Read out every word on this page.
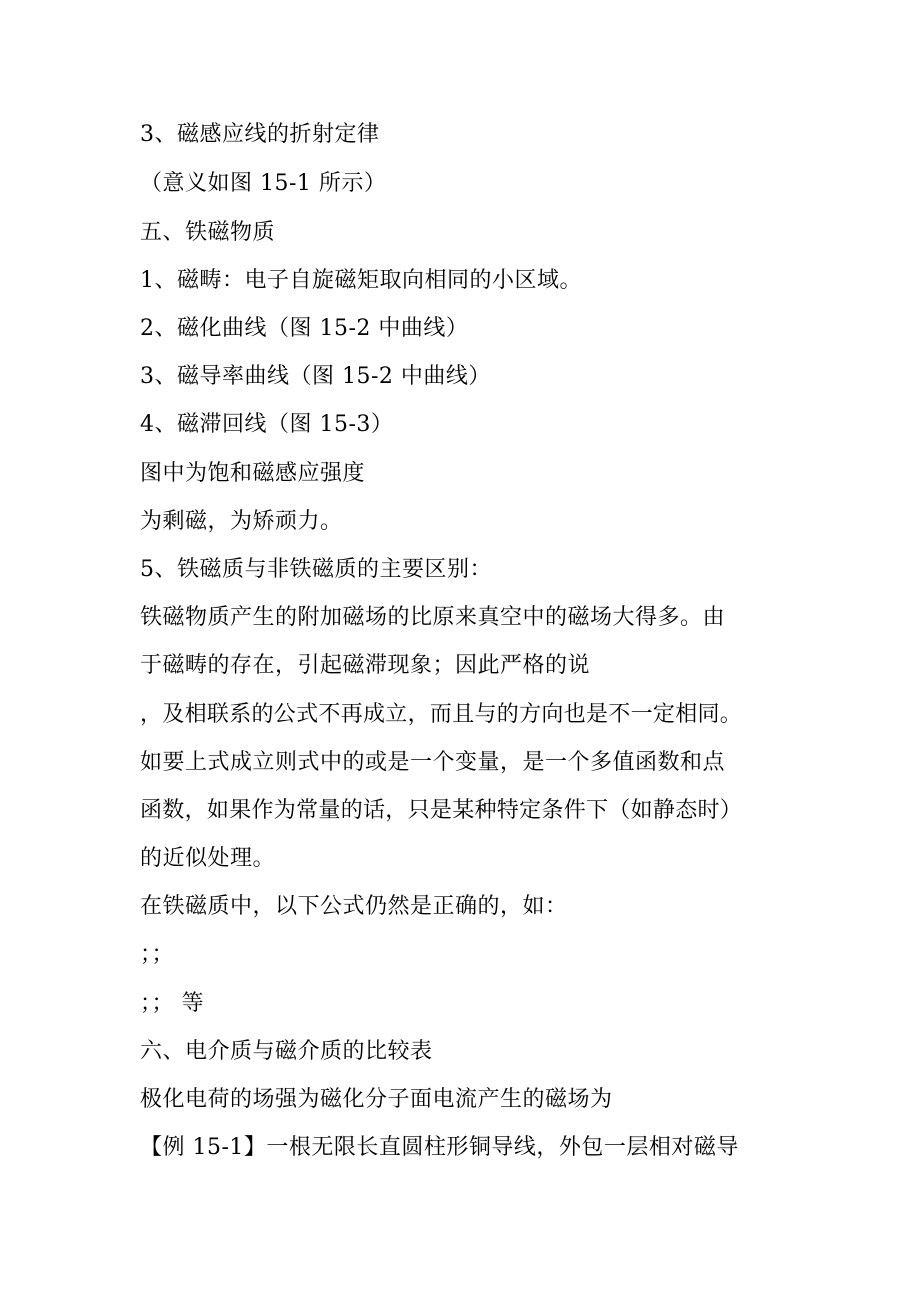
3、磁感应线的折射定律
（意义如图 15-1 所示）
五、铁磁物质
1、磁畴：电子自旋磁矩取向相同的小区域。
2、磁化曲线（图 15-2 中曲线）
3、磁导率曲线（图 15-2 中曲线）
4、磁滞回线（图 15-3）
图中为饱和磁感应强度
为剩磁，为矫顽力。
5、铁磁质与非铁磁质的主要区别：
铁磁物质产生的附加磁场的比原来真空中的磁场大得多。由
于磁畴的存在，引起磁滞现象；因此严格的说
，及相联系的公式不再成立，而且与的方向也是不一定相同。
如要上式成立则式中的或是一个变量，是一个多值函数和点
函数，如果作为常量的话，只是某种特定条件下（如静态时）
的近似处理。
在铁磁质中，以下公式仍然是正确的，如：
；；
；； 等
六、电介质与磁介质的比较表
极化电荷的场强为磁化分子面电流产生的磁场为
【例 15-1】一根无限长直圆柱形铜导线，外包一层相对磁导
